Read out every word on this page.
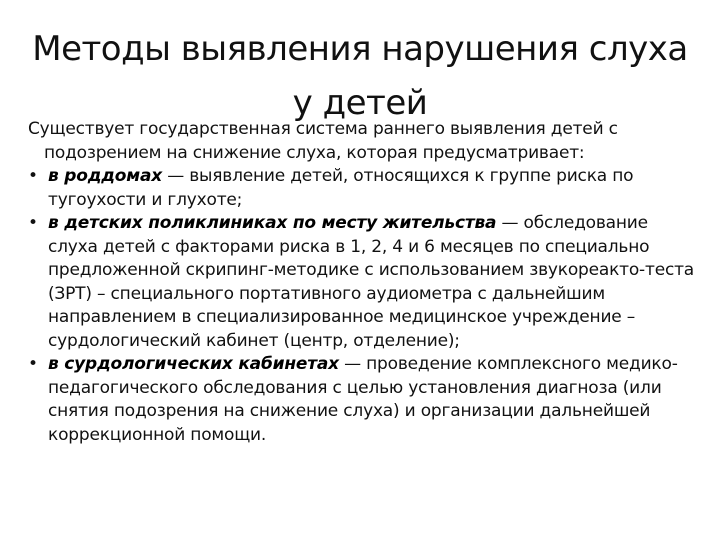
Методы выявления нарушения слуха
у детей

Существует государственная система раннего выявления детей с подозрением на снижение слуха, которая предусматривает:

• в роддомах — выявление детей, относящихся к группе риска по тугоухости и глухоте;
• в детских поликлиниках по месту жительства — обследование слуха детей с факторами риска в 1, 2, 4 и 6 месяцев по специально предложенной скрипинг-методике с использованием звукореакто-теста (ЗРТ) – специального портативного аудиометра с дальнейшим направлением в специализированное медицинское учреждение – сурдологический кабинет (центр, отделение);
• в сурдологических кабинетах — проведение комплексного медико-педагогического обследования с целью установления диагноза (или снятия подозрения на снижение слуха) и организации дальнейшей коррекционной помощи.
